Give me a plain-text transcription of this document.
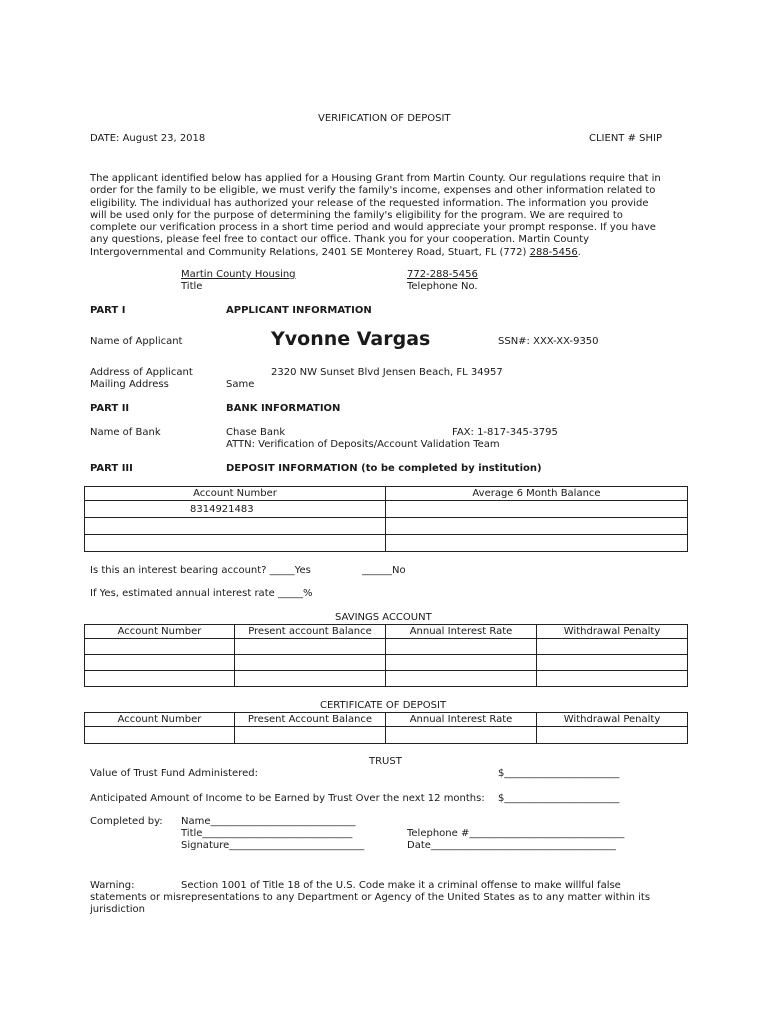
VERIFICATION OF DEPOSIT
DATE: August 23, 2018	CLIENT # SHIP
The applicant identified below has applied for a Housing Grant from Martin County. Our regulations require that in
order for the family to be eligible, we must verify the family's income, expenses and other information related to
eligibility. The individual has authorized your release of the requested information. The information you provide
will be used only for the purpose of determining the family's eligibility for the program. We are required to
complete our verification process in a short time period and would appreciate your prompt response. If you have
any questions, please feel free to contact our office. Thank you for your cooperation. Martin County
Intergovernmental and Community Relations, 2401 SE Monterey Road, Stuart, FL (772) 288-5456.
Martin County Housing
Title
772-288-5456
Telephone No.
PART I	APPLICANT INFORMATION
Name of Applicant	Yvonne Vargas	SSN#: XXX-XX-9350
Address of Applicant	2320 NW Sunset Blvd Jensen Beach, FL 34957
Mailing Address	Same
PART II	BANK INFORMATION
Name of Bank	Chase Bank	FAX: 1-817-345-3795
ATTN: Verification of Deposits/Account Validation Team
PART III	DEPOSIT INFORMATION (to be completed by institution)
Account Number	Average 6 Month Balance
8314921483	

Is this an interest bearing account? _____Yes	______No
If Yes, estimated annual interest rate _____%
SAVINGS ACCOUNT
Account Number	Present account Balance	Annual Interest Rate	Withdrawal Penalty

CERTIFICATE OF DEPOSIT
Account Number	Present Account Balance	Annual Interest Rate	Withdrawal Penalty

TRUST
Value of Trust Fund Administered:	$_______________________
Anticipated Amount of Income to be Earned by Trust Over the next 12 months: $_______________________
Completed by: Name_____________________________
Title______________________________
Signature___________________________
Telephone #_______________________________
Date_____________________________________
Warning:	Section 1001 of Title 18 of the U.S. Code make it a criminal offense to make willful false
statements or misrepresentations to any Department or Agency of the United States as to any matter within its
jurisdiction
